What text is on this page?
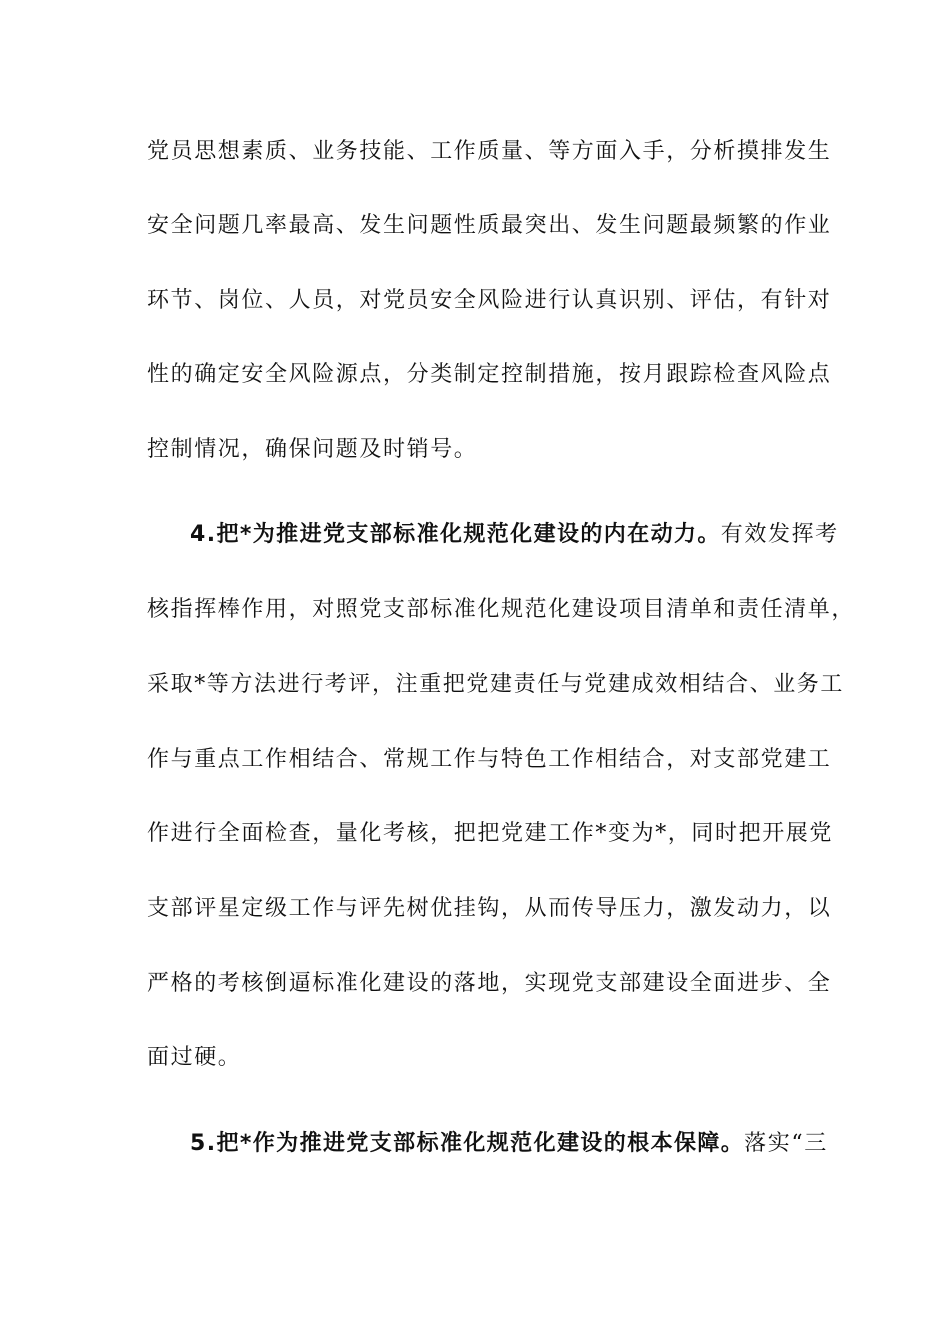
党员思想素质、业务技能、工作质量、等方面入手，分析摸排发生
安全问题几率最高、发生问题性质最突出、发生问题最频繁的作业
环节、岗位、人员，对党员安全风险进行认真识别、评估，有针对
性的确定安全风险源点，分类制定控制措施，按月跟踪检查风险点
控制情况，确保问题及时销号。
4.把*为推进党支部标准化规范化建设的内在动力。有效发挥考
核指挥棒作用，对照党支部标准化规范化建设项目清单和责任清单，
采取*等方法进行考评，注重把党建责任与党建成效相结合、业务工
作与重点工作相结合、常规工作与特色工作相结合，对支部党建工
作进行全面检查，量化考核，把把党建工作*变为*，同时把开展党
支部评星定级工作与评先树优挂钩，从而传导压力，激发动力，以
严格的考核倒逼标准化建设的落地，实现党支部建设全面进步、全
面过硬。
5.把*作为推进党支部标准化规范化建设的根本保障。落实“三
